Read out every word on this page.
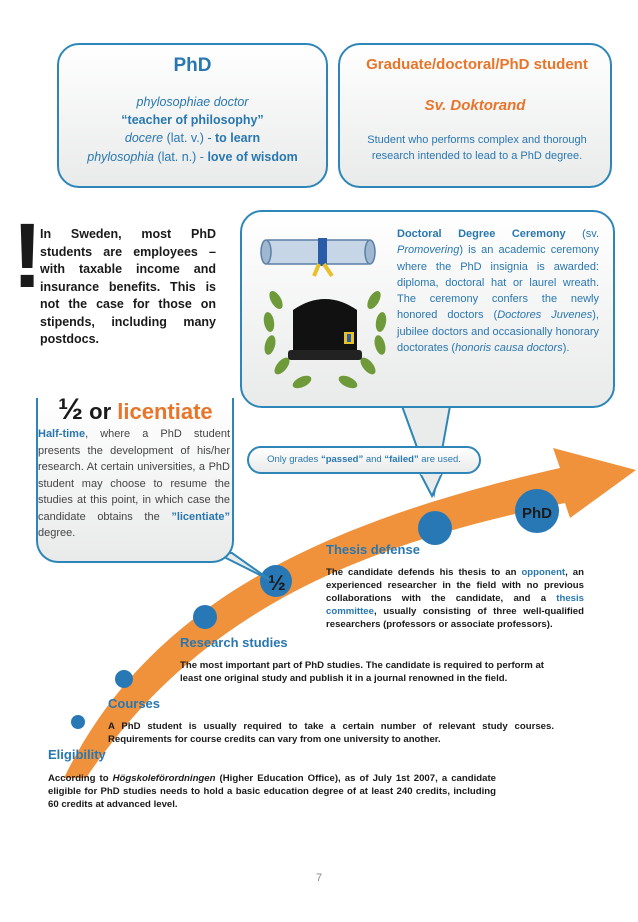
½
PhD
PhD
phylosophiae doctor
“teacher of philosophy”
docere (lat. v.) - to learn
phylosophia (lat. n.) - love of wisdom
Graduate/doctoral/PhD student
Sv. Doktorand
Student who performs complex and thorough research intended to lead to a PhD degree.
!
In Sweden, most PhD students are employees – with taxable income and insurance benefits. This is not the case for those on stipends, including many postdocs.
Doctoral Degree Ceremony (sv. Promovering) is an academic ceremony where the PhD insignia is awarded: diploma, doctoral hat or laurel wreath. The ceremony confers the newly honored doctors (Doctores Juvenes), jubilee doctors and occasionally honorary doctorates (honoris causa doctors).
Half-time, where a PhD student presents the development of his/her research. At certain universities, a PhD student may choose to resume the studies at this point, in which case the candidate obtains the ”licentiate” degree.
½ or licentiate
Only grades “passed” and “failed” are used.
Thesis defense
The candidate defends his thesis to an opponent, an experienced researcher in the field with no previous collaborations with the candidate, and a thesis committee, usually consisting of three well-qualified researchers (professors or associate professors).
Research studies
The most important part of PhD studies. The candidate is required to perform at least one original study and publish it in a journal renowned in the field.
Courses
A PhD student is usually required to take a certain number of relevant study courses. Requirements for course credits can vary from one university to another.
Eligibility
According to Högskoleförordningen (Higher Education Office), as of July 1st 2007, a candidate eligible for PhD studies needs to hold a basic education degree of at least 240 credits, including 60 credits at advanced level.
7
